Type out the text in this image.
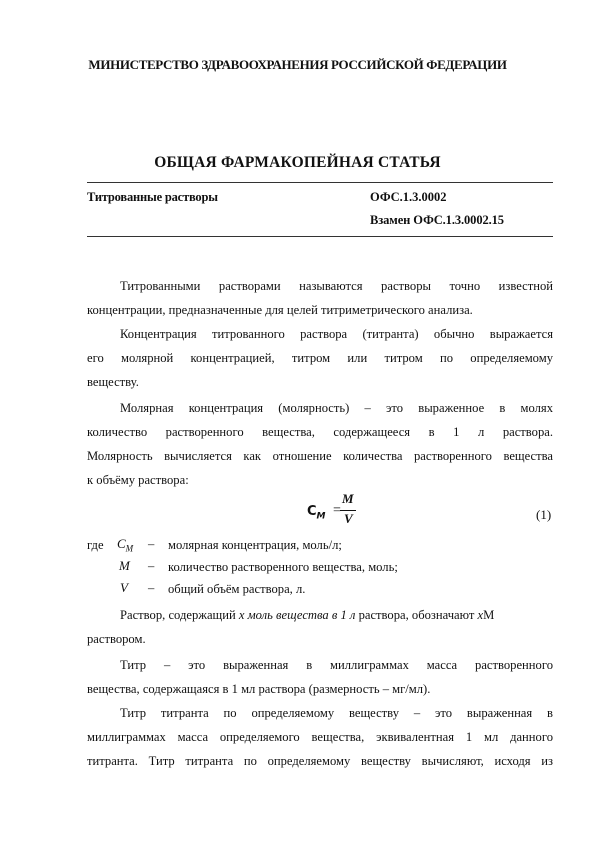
МИНИСТЕРСТВО ЗДРАВООХРАНЕНИЯ РОССИЙСКОЙ ФЕДЕРАЦИИ
ОБЩАЯ ФАРМАКОПЕЙНАЯ СТАТЬЯ
Титрованные растворы	ОФС.1.3.0002
Взамен ОФС.1.3.0002.15
Титрованными растворами называются растворы точно известной
концентрации, предназначенные для целей титриметрического анализа.
Концентрация титрованного раствора (титранта) обычно выражается
его молярной концентрацией, титром или титром по определяемому
веществу.
Молярная концентрация (молярность) – это выраженное в молях
количество растворенного вещества, содержащееся в 1 л раствора.
Молярность вычисляется как отношение количества растворенного вещества
к объёму раствора:
$C_M$ =
M
V	(1)
где $C_M$ – молярная концентрация, моль/л;
M – количество растворенного вещества, моль;
V – общий объём раствора, л.
Раствор, содержащий x моль вещества в 1 л раствора, обозначают xМ
раствором.
Титр – это выраженная в миллиграммах масса растворенного
вещества, содержащаяся в 1 мл раствора (размерность – мг/мл).
Титр титранта по определяемому веществу – это выраженная в
миллиграммах масса определяемого вещества, эквивалентная 1 мл данного
титранта. Титр титранта по определяемому веществу вычисляют, исходя из
